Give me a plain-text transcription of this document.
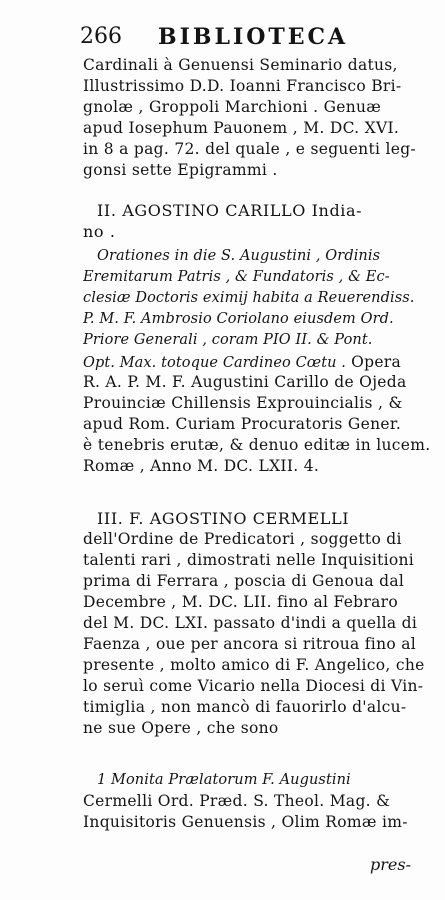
266 BIBLIOTECA
Cardinali à Genuensi Seminario datus,
Illustrissimo D.D. Ioanni Francisco Bri-
gnolæ , Groppoli Marchioni . Genuæ
apud Iosephum Pauonem , M. DC. XVI.
in 8 a pag. 72. del quale , e seguenti leg-
gonsi sette Epigrammi .
II. AGOSTINO CARILLO India-
no .
Orationes in die S. Augustini , Ordinis
Eremitarum Patris , & Fundatoris , & Ec-
clesiæ Doctoris eximij habita a Reuerendiss.
P. M. F. Ambrosio Coriolano eiusdem Ord.
Priore Generali , coram PIO II. & Pont.
Opt. Max. totoque Cardineo Cœtu . Opera
R. A. P. M. F. Augustini Carillo de Ojeda
Prouinciæ Chillensis Exprouincialis , &
apud Rom. Curiam Procuratoris Gener.
è tenebris erutæ, & denuo editæ in lucem.
Romæ , Anno M. DC. LXII. 4.
III. F. AGOSTINO CERMELLI
dell'Ordine de Predicatori , soggetto di
talenti rari , dimostrati nelle Inquisitioni
prima di Ferrara , poscia di Genoua dal
Decembre , M. DC. LII. fino al Febraro
del M. DC. LXI. passato d'indi a quella di
Faenza , oue per ancora si ritroua fino al
presente , molto amico di F. Angelico, che
lo seruì come Vicario nella Diocesi di Vin-
timiglia , non mancò di fauorirlo d'alcu-
ne sue Opere , che sono
1 Monita Prælatorum F. Augustini
Cermelli Ord. Præd. S. Theol. Mag. &
Inquisitoris Genuensis , Olim Romæ im-
pres-
